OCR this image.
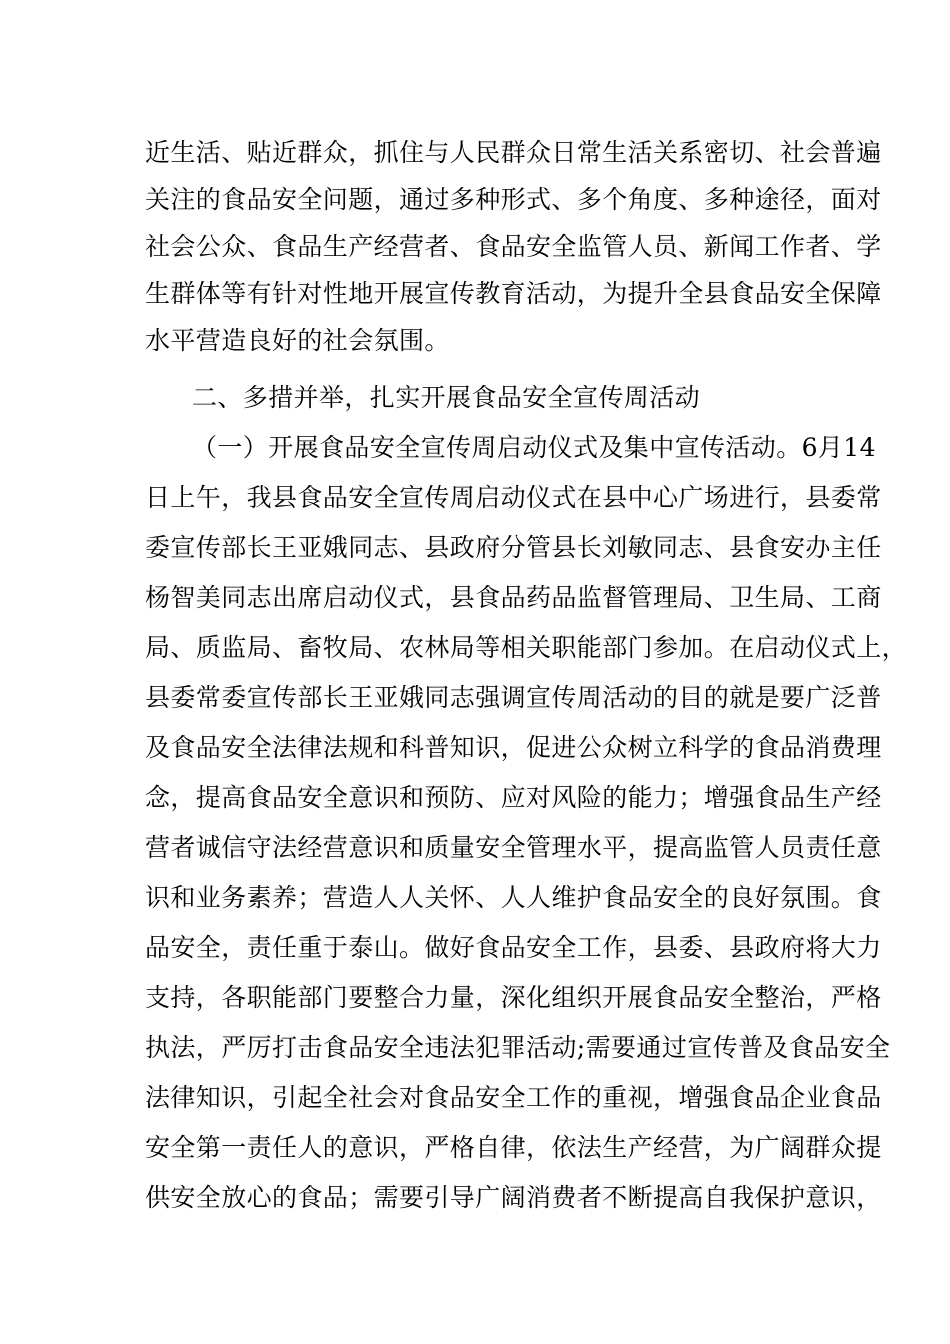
近生活、贴近群众，抓住与人民群众日常生活关系密切、社会普遍
关注的食品安全问题，通过多种形式、多个角度、多种途径，面对
社会公众、食品生产经营者、食品安全监管人员、新闻工作者、学
生群体等有针对性地开展宣传教育活动，为提升全县食品安全保障
水平营造良好的社会氛围。
二、多措并举，扎实开展食品安全宣传周活动
（一）开展食品安全宣传周启动仪式及集中宣传活动。6月14
日上午，我县食品安全宣传周启动仪式在县中心广场进行，县委常
委宣传部长王亚娥同志、县政府分管县长刘敏同志、县食安办主任
杨智美同志出席启动仪式，县食品药品监督管理局、卫生局、工商
局、质监局、畜牧局、农林局等相关职能部门参加。在启动仪式上，
县委常委宣传部长王亚娥同志强调宣传周活动的目的就是要广泛普
及食品安全法律法规和科普知识，促进公众树立科学的食品消费理
念，提高食品安全意识和预防、应对风险的能力；增强食品生产经
营者诚信守法经营意识和质量安全管理水平，提高监管人员责任意
识和业务素养；营造人人关怀、人人维护食品安全的良好氛围。食
品安全，责任重于泰山。做好食品安全工作，县委、县政府将大力
支持，各职能部门要整合力量，深化组织开展食品安全整治，严格
执法，严厉打击食品安全违法犯罪活动;需要通过宣传普及食品安全
法律知识，引起全社会对食品安全工作的重视，增强食品企业食品
安全第一责任人的意识，严格自律，依法生产经营，为广阔群众提
供安全放心的食品；需要引导广阔消费者不断提高自我保护意识，
